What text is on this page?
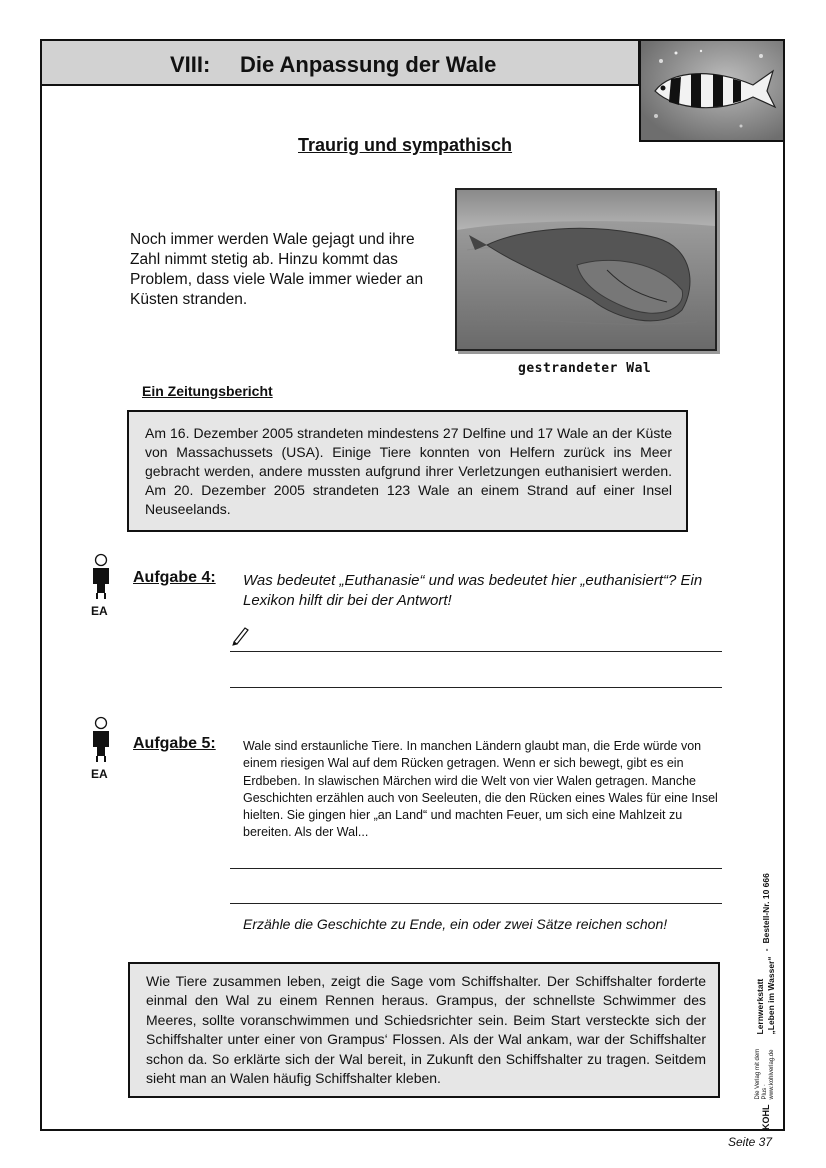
VIII: Die Anpassung der Wale
Traurig und sympathisch
Noch immer werden Wale gejagt und ihre Zahl nimmt stetig ab. Hinzu kommt das Problem, dass viele Wale immer wieder an Küsten stranden.
gestrandeter Wal
Ein Zeitungsbericht
Am 16. Dezember 2005 strandeten mindestens 27 Delfine und 17 Wale an der Küste von Massachussets (USA). Einige Tiere konnten von Helfern zurück ins Meer gebracht werden, andere mussten aufgrund ihrer Verletzungen euthanisiert werden. Am 20. Dezember 2005 strandeten 123 Wale an einem Strand auf einer Insel Neuseelands.
EA
Aufgabe 4: Was bedeutet „Euthanasie“ und was bedeutet hier „euthanisiert“? Ein Lexikon hilft dir bei der Antwort!
EA
Aufgabe 5: Wale sind erstaunliche Tiere. In manchen Ländern glaubt man, die Erde würde von einem riesigen Wal auf dem Rücken getragen. Wenn er sich bewegt, gibt es ein Erdbeben. In slawischen Märchen wird die Welt von vier Walen getragen. Manche Geschichten erzählen auch von Seeleuten, die den Rücken eines Wales für eine Insel hielten. Sie gingen hier „an Land“ und machten Feuer, um sich eine Mahlzeit zu bereiten. Als der Wal...
Erzähle die Geschichte zu Ende, ein oder zwei Sätze reichen schon!
Wie Tiere zusammen leben, zeigt die Sage vom Schiffshalter. Der Schiffshalter forderte einmal den Wal zu einem Rennen heraus. Grampus, der schnellste Schwimmer des Meeres, sollte voranschwimmen und Schiedsrichter sein. Beim Start versteckte sich der Schiffshalter unter einer von Grampus‘ Flossen. Als der Wal ankam, war der Schiffshalter schon da. So erklärte sich der Wal bereit, in Zukunft den Schiffshalter zu tragen. Seitdem sieht man an Walen häufig Schiffshalter kleben.
KOHL
Die Verlag mit dem Plus · www.kohlverlag.de
Lernwerkstatt „Leben im Wasser“
-
Bestell-Nr. 10 666
Seite 37
